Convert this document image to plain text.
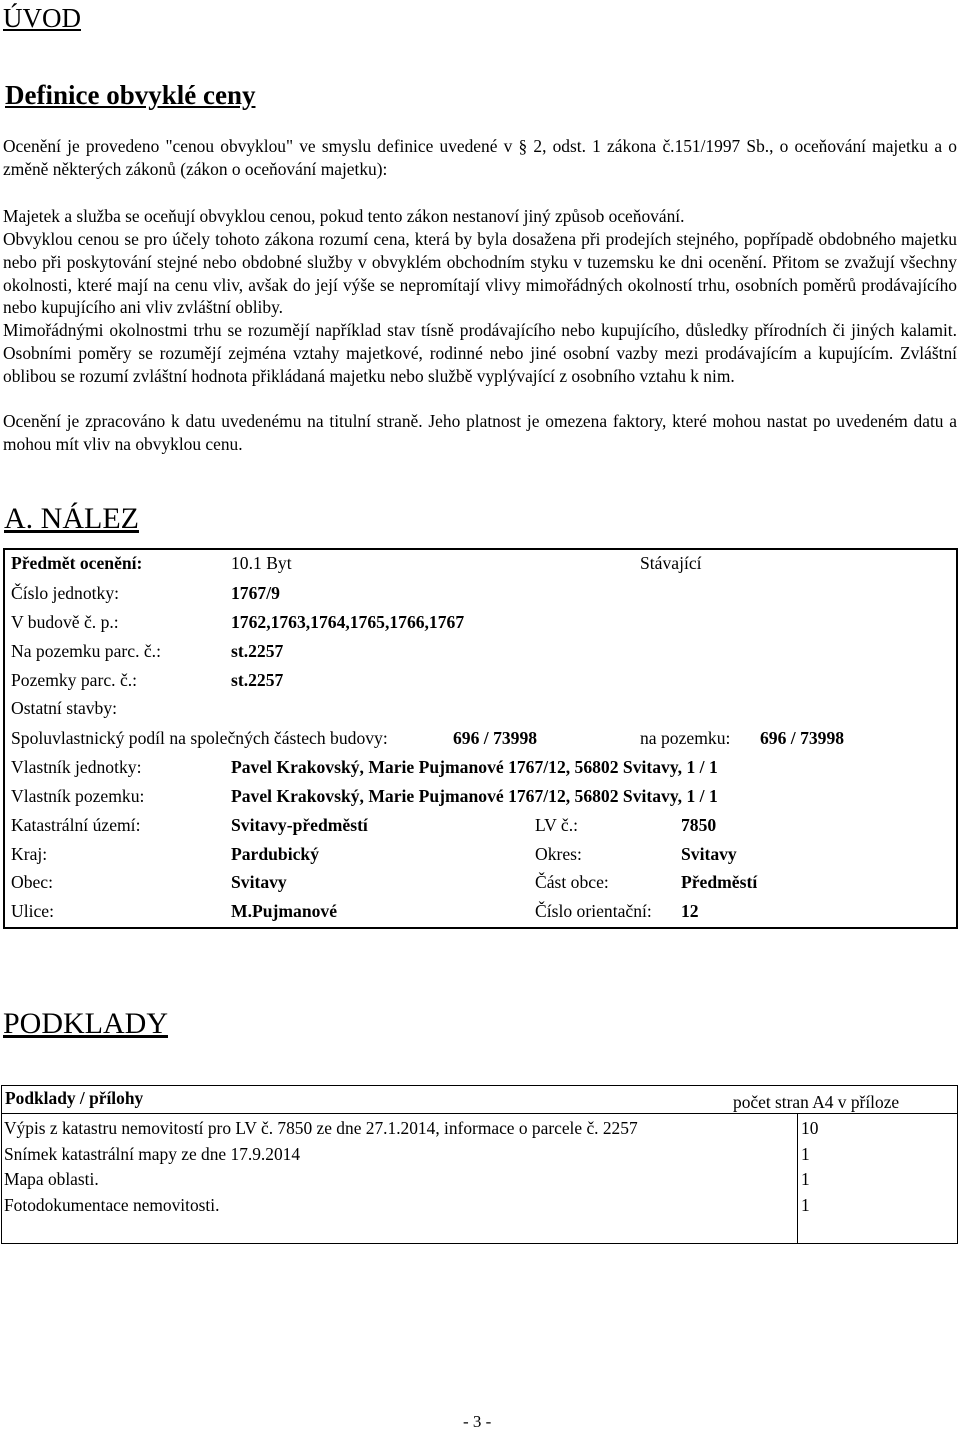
ÚVOD
Definice obvyklé ceny
Ocenění je provedeno "cenou obvyklou" ve smyslu definice uvedené v § 2, odst. 1 zákona č.151/1997 Sb., o oceňování majetku a o změně některých zákonů (zákon o oceňování majetku):
Majetek a služba se oceňují obvyklou cenou, pokud tento zákon nestanoví jiný způsob oceňování.
Obvyklou cenou se pro účely tohoto zákona rozumí cena, která by byla dosažena při prodejích stejného, popřípadě obdobného majetku nebo při poskytování stejné nebo obdobné služby v obvyklém obchodním styku v tuzemsku ke dni ocenění. Přitom se zvažují všechny okolnosti, které mají na cenu vliv, avšak do její výše se nepromítají vlivy mimořádných okolností trhu, osobních poměrů prodávajícího nebo kupujícího ani vliv zvláštní obliby.
Mimořádnými okolnostmi trhu se rozumějí například stav tísně prodávajícího nebo kupujícího, důsledky přírodních či jiných kalamit. Osobními poměry se rozumějí zejména vztahy majetkové, rodinné nebo jiné osobní vazby mezi prodávajícím a kupujícím. Zvláštní oblibou se rozumí zvláštní hodnota přikládaná majetku nebo službě vyplývající z osobního vztahu k nim.
Ocenění je zpracováno k datu uvedenému na titulní straně. Jeho platnost je omezena faktory, které mohou nastat po uvedeném datu a mohou mít vliv na obvyklou cenu.
A. NÁLEZ
Předmět ocenění:	10.1 Byt	Stávající
Číslo jednotky:	1767/9
V budově č. p.:	1762,1763,1764,1765,1766,1767
Na pozemku parc. č.:	st.2257
Pozemky parc. č.:	st.2257
Ostatní stavby:
Spoluvlastnický podíl na společných částech budovy:	696 / 73998	na pozemku: 696 / 73998
Vlastník jednotky:	Pavel Krakovský, Marie Pujmanové 1767/12, 56802 Svitavy, 1 / 1
Vlastník pozemku:	Pavel Krakovský, Marie Pujmanové 1767/12, 56802 Svitavy, 1 / 1
Katastrální území:	Svitavy-předměstí	LV č.:	7850
Kraj:	Pardubický	Okres:	Svitavy
Obec:	Svitavy	Část obce:	Předměstí
Ulice:	M.Pujmanové	Číslo orientační: 12
PODKLADY
Podklady / přílohy	počet stran A4 v příloze
Výpis z katastru nemovitostí pro LV č. 7850 ze dne 27.1.2014, informace o parcele č. 2257	10
Snímek katastrální mapy ze dne 17.9.2014	1
Mapa oblasti.	1
Fotodokumentace nemovitosti.	1
- 3 -
